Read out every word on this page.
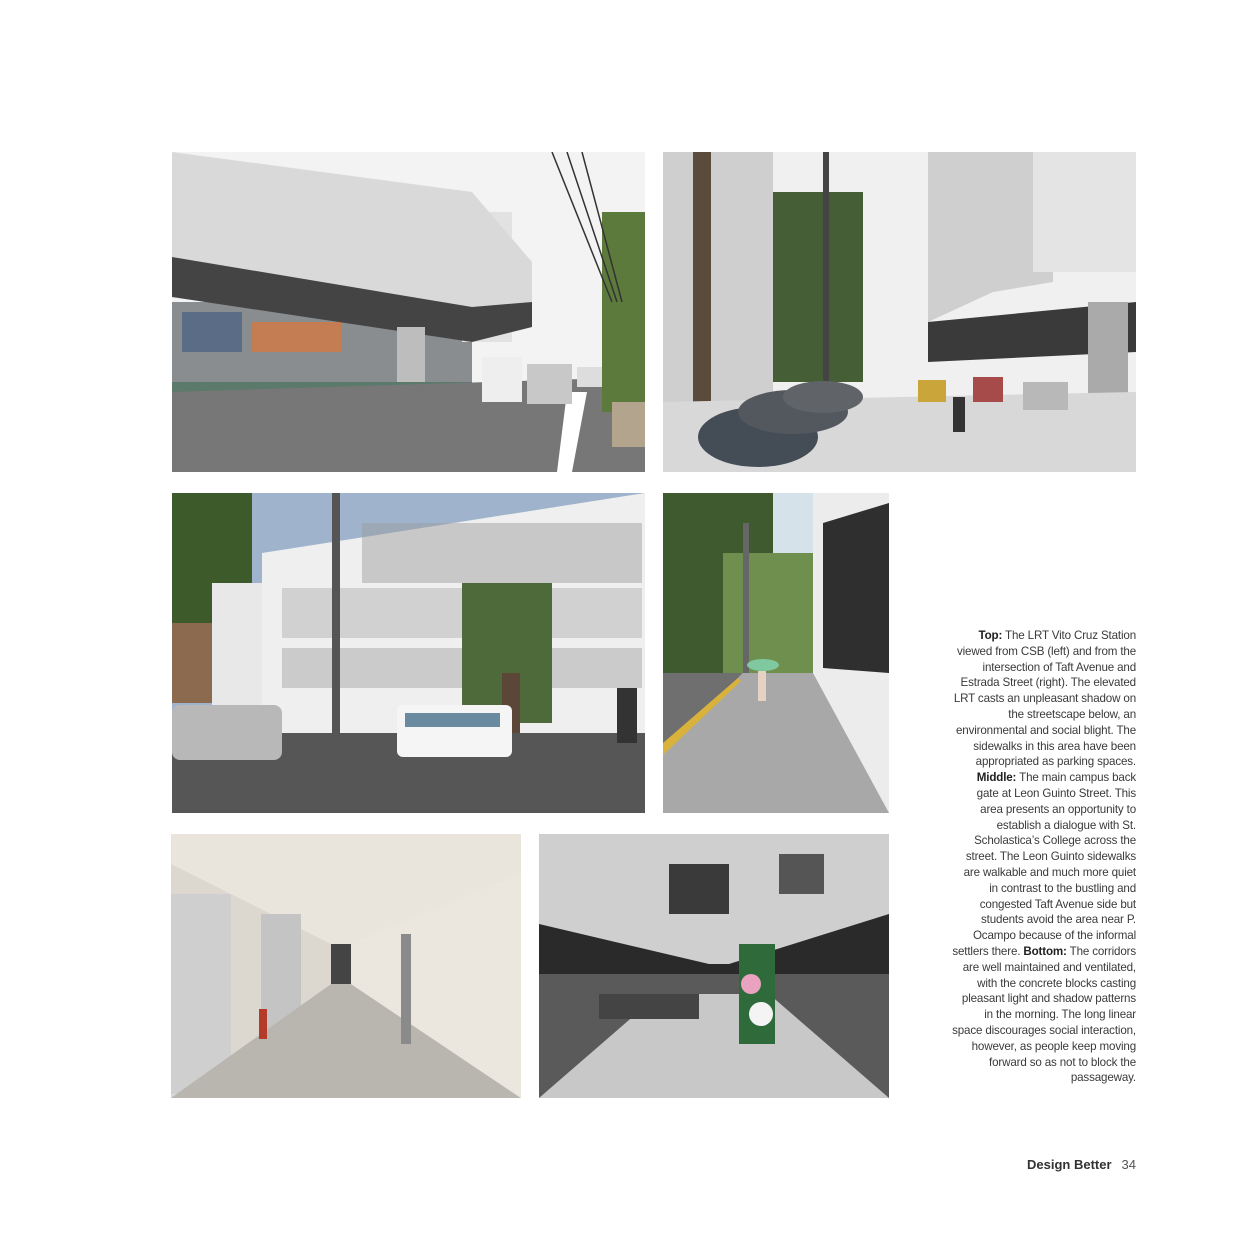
Top: The LRT Vito Cruz Station viewed from CSB (left) and from the intersection of Taft Avenue and Estrada Street (right). The elevated LRT casts an unpleasant shadow on the streetscape below, an environmental and social blight. The sidewalks in this area have been appropriated as parking spaces. Middle: The main campus back gate at Leon Guinto Street. This area presents an opportunity to establish a dialogue with St. Scholastica’s College across the street. The Leon Guinto sidewalks are walkable and much more quiet in contrast to the bustling and congested Taft Avenue side but students avoid the area near P. Ocampo because of the informal settlers there. Bottom: The corridors are well maintained and ventilated, with the concrete blocks casting pleasant light and shadow patterns in the morning. The long linear space discourages social interaction, however, as people keep moving forward so as not to block the passageway.
Design Better 34
